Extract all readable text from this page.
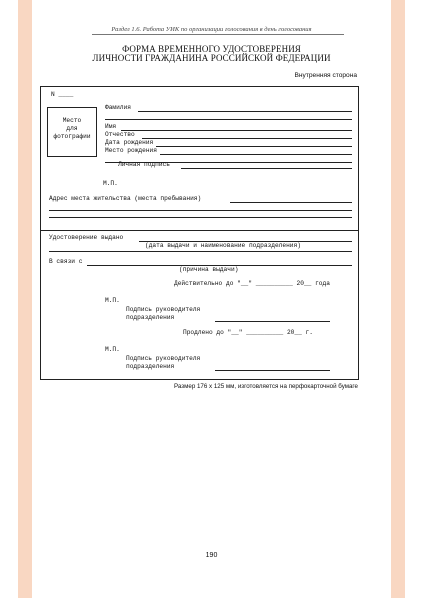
Раздел 1.6. Работа УИК по организации голосования в день голосования
ФОРМА ВРЕМЕННОГО УДОСТОВЕРЕНИЯ
ЛИЧНОСТИ ГРАЖДАНИНА РОССИЙСКОЙ ФЕДЕРАЦИИ
Внутренняя сторона
N ____
Место
для
фотографии
Фамилия
Имя
Отчество
Дата рождения
Место рождения
Личная подпись
М.П.
Адрес места жительства (места пребывания)
Удостоверение выдано
(дата выдачи и наименование подразделения)
В связи с
(причина выдачи)
Действительно до "__" __________ 20__ года
М.П.
Подпись руководителя
подразделения
Продлено до "__" __________ 20__ г.
М.П.
Подпись руководителя
подразделения
Размер 176 х 125 мм, изготовляется на перфокарточной бумаге
190
